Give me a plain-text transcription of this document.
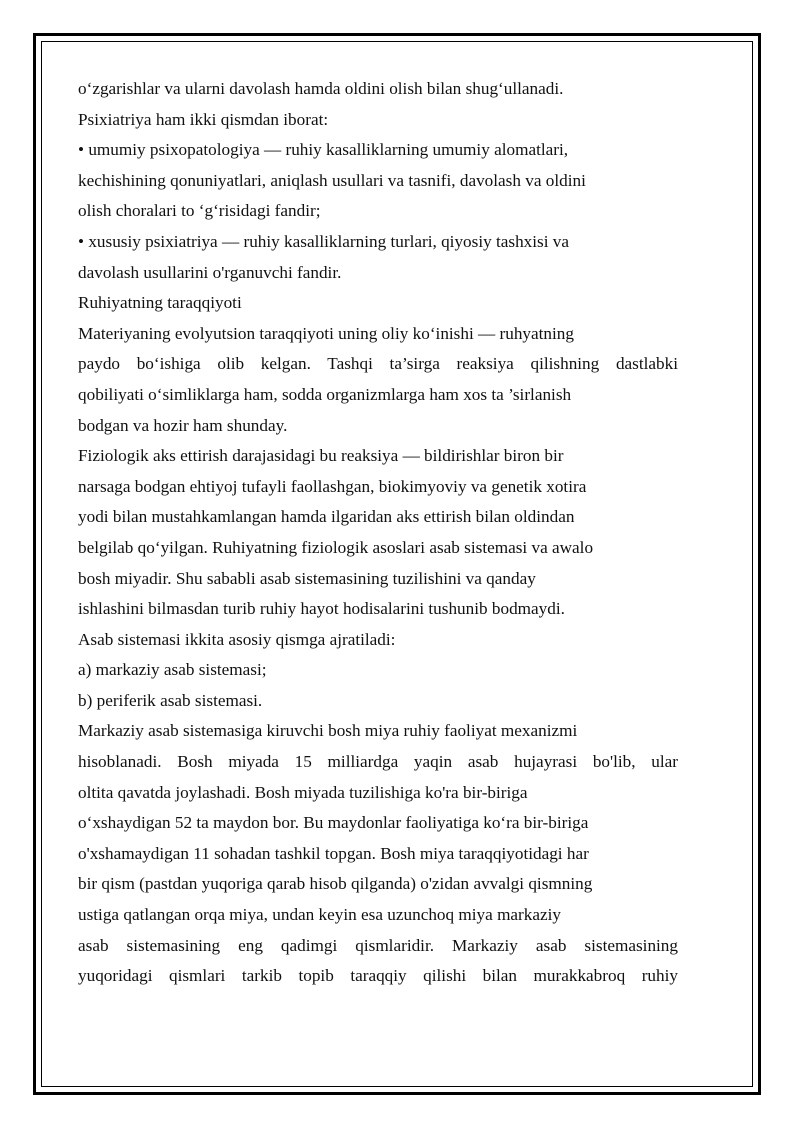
o‘zgarishlar va ularni davolash hamda oldini olish bilan shug‘ullanadi.

Psixiatriya ham ikki qismdan iborat:

• umumiy psixopatologiya — ruhiy kasalliklarning umumiy alomatlari,

kechishining qonuniyatlari, aniqlash usullari va tasnifi, davolash va oldini

olish choralari to ‘g‘risidagi fandir;

• xususiy psixiatriya — ruhiy kasalliklarning turlari, qiyosiy tashxisi va

davolash usullarini o'rganuvchi fandir.

Ruhiyatning taraqqiyoti

Materiyaning evolyutsion taraqqiyoti uning oliy ko‘inishi — ruhyatning

paydo bo‘ishiga olib kelgan. Tashqi ta’sirga reaksiya qilishning dastlabki

qobiliyati o‘simliklarga ham, sodda organizmlarga ham xos ta ’sirlanish

bodgan va hozir ham shunday.

Fiziologik aks ettirish darajasidagi bu reaksiya — bildirishlar biron bir

narsaga bodgan ehtiyoj tufayli faollashgan, biokimyoviy va genetik xotira

yodi bilan mustahkamlangan hamda ilgaridan aks ettirish bilan oldindan

belgilab qo‘yilgan. Ruhiyatning fiziologik asoslari asab sistemasi va awalo

bosh miyadir. Shu sababli asab sistemasining tuzilishini va qanday

ishlashini bilmasdan turib ruhiy hayot hodisalarini tushunib bodmaydi.

Asab sistemasi ikkita asosiy qismga ajratiladi:

a) markaziy asab sistemasi;

b) periferik asab sistemasi.

Markaziy asab sistemasiga kiruvchi bosh miya ruhiy faoliyat mexanizmi

hisoblanadi. Bosh miyada 15 milliardga yaqin asab hujayrasi bo'lib, ular

oltita qavatda joylashadi. Bosh miyada tuzilishiga ko'ra bir-biriga

o‘xshaydigan 52 ta maydon bor. Bu maydonlar faoliyatiga ko‘ra bir-biriga

o'xshamaydigan 11 sohadan tashkil topgan. Bosh miya taraqqiyotidagi har

bir qism (pastdan yuqoriga qarab hisob qilganda) o'zidan avvalgi qismning

ustiga qatlangan orqa miya, undan keyin esa uzunchoq miya markaziy

asab sistemasining eng qadimgi qismlaridir. Markaziy asab sistemasining

yuqoridagi qismlari tarkib topib taraqqiy qilishi bilan murakkabroq ruhiy
